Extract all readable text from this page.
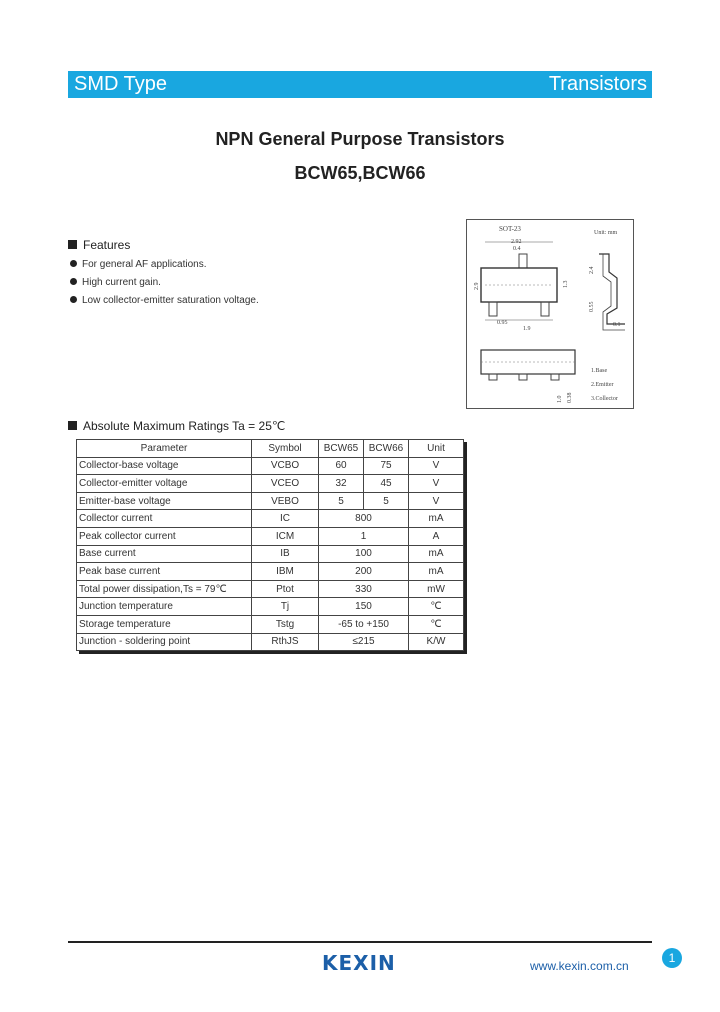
SMD Type	Transistors
NPN General Purpose Transistors
BCW65,BCW66
SOT-23	Unit: mm
2.92
0.4
2.9	1.3
0.95
1.9
2.4
0.55
0.1
1.0 0.38
1.Base
2.Emitter
3.Collector
Features
For general AF applications.
High current gain.
Low collector-emitter saturation voltage.
Absolute Maximum Ratings Ta = 25℃
Parameter	Symbol	BCW65	BCW66	Unit
Collector-base voltage	VCBO	60	75	V
Collector-emitter voltage	VCEO	32	45	V
Emitter-base voltage	VEBO	5	5	V
Collector current	IC	800		mA
Peak collector current	ICM	1		A
Base current	IB	100		mA
Peak base current	IBM	200		mA
Total power dissipation,Ts = 79℃	Ptot	330		mW
Junction temperature	Tj	150		℃
Storage temperature	Tstg	-65 to +150		℃
Junction - soldering point	RthJS	≤215		K/W
KEXIN	www.kexin.com.cn
1
